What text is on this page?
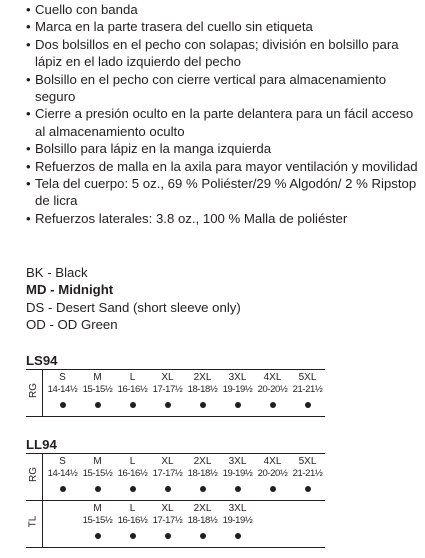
• Cuello con banda
• Marca en la parte trasera del cuello sin etiqueta
• Dos bolsillos en el pecho con solapas; división en bolsillo para lápiz en el lado izquierdo del pecho
• Bolsillo en el pecho con cierre vertical para almacenamiento seguro
• Cierre a presión oculto en la parte delantera para un fácil acceso al almacenamiento oculto
• Bolsillo para lápiz en la manga izquierda
• Refuerzos de malla en la axila para mayor ventilación y movilidad
• Tela del cuerpo: 5 oz., 69 % Poliéster/29 % Algodón/ 2 % Ripstop de licra
• Refuerzos laterales: 3.8 oz., 100 % Malla de poliéster
BK - Black
MD - Midnight
DS - Desert Sand (short sleeve only)
OD - OD Green
LS94
RG
S
14-14½
M
15-15½
L
16-16½
XL
17-17½
2XL
18-18½
3XL
19-19½
4XL
20-20½
5XL
21-21½
LL94
RG
S
14-14½
M
15-15½
L
16-16½
XL
17-17½
2XL
18-18½
3XL
19-19½
4XL
20-20½
5XL
21-21½
TL
M
15-15½
L
16-16½
XL
17-17½
2XL
18-18½
3XL
19-19½
